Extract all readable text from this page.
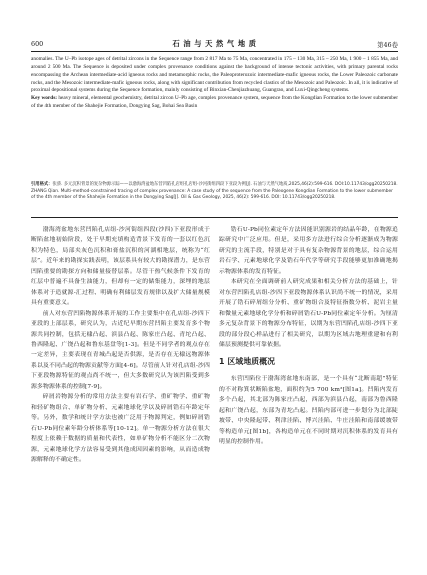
600	石 油 与 天 然 气 地 质	第46卷
anomalies. The U–Pb isotope ages of detrital zircons in the Sequence range from 2 817 Ma to 75 Ma, concentrated in 175 – 130 Ma, 315 – 250 Ma, 1 900 – 1 855 Ma, and around 2 500 Ma. The Sequence is deposited under complex provenance conditions against the background of intense tectonic activities, with primary parental rocks encompassing the Archean intermediate-acid igneous rocks and metamorphic rocks, the Paleoproterozoic intermediate-mafic igneous rocks, the Lower Paleozoic carbonate rocks, and the Mesozoic intermediate-mafic igneous rocks, along with significant contribution from recycled clastics of the Mesozoic and Paleozoic. In all, it is indicative of proximal depositional systems during the Sequence formation, mainly consisting of Binxian-Chenjiazhuang, Guangrao, and Luxi-Qingcheng systems.
Key words: heavy mineral, elemental geochemistry, detrital zircon U–Pb age, complex provenance system, sequence from the Kongdian Formation to the lower submember of the 4th member of the Shahejie Formation, Dongying Sag, Bohai Sea Basin
引用格式：张骄. 多元沉积背景的复杂物源示踪——以渤海湾盆地东营凹陷孔店组孔店组-沙河街组四段下亚段为例[J]. 石油与天然气地质,2025,46(2):599-616. DOI:10.11743/ogg20250218.
ZHANG Qian. Multi-method-constrained tracing of complex provenance: A case study of the sequence from the Paleogene Kongdian Formation to the lower submember of the 4th member of the Shahejie Formation in the Dongying Sag[J]. Oil & Gas Geology, 2025, 46(2): 599-616. DOI: 10.11743/ogg20250218.

渤海湾盆地东营凹陷孔店组-沙河街组四段(沙四)下亚段形成于断陷盆地初始阶段，处于早期充填构造背景下发育的一套以红色沉积为特色，局部夹灰色沉积和膏盐沉积的河湖相地层，统称为“红层”。近年来的勘探实践表明，该层系具有较大的勘探潜力，是东营凹陷重要的勘探方向和储量接替层系。尽管干热气候条件下发育的红层中普遍不具备生油能力，但却有一定的储集能力，深埋的地层体系对于造就源-汇过程、明确有利储层发育规律以及扩大储量规模具有重要意义。

前人对东营凹陷物源体系开展的工作主要集中在孔店组-沙四下亚段的上部层系，研究认为，古近纪早期东营凹陷主要发育多个物源共同控制，包括无棣凸起、滨县凸起、陈家庄凸起、青坨凸起、鲁西隆起、广饶凸起和鲁东基盘等[1-3]。但是不同学者的观点存在一定差异，主要表现在青城凸起是否供源，是否存在无棣远物源体系以及不同凸起的物源贡献等方面[4-6]。尽管前人针对孔店组-沙四下亚段物源特征的观点尚不统一，但大多数研究认为该凹陷受到多源多物源体系的控制[7-9]。

碎屑岩物源分析的常用方法主要有岩石学、重矿物学、重矿物和轻矿物组合、单矿物分析、元素地球化学以及碎屑锆石年龄定年等。另外，数学和统计学方法也被广泛用于物源判定，例如碎屑锆石U-Pb同位素年龄分析体系等[10-12]。单一物源分析方法在很大程度上依赖于数据的质量和代表性，如单矿物分析不能区分二次物源，元素地球化学方法容易受到其他成因因素的影响，从而造成物源解释的不确定性。

锆石U-Pb同位素定年方法因能识别源岩的结晶年龄，在物源追踪研究中广泛应用。但是，采用多方法进行综合分析逐渐成为物源研究的主流手段，特别是对于具有复杂物源背景的地层，综合运用岩石学、元素地球化学及锆石年代学等研究手段能够更加准确地揭示物源体系的发育特征。

本研究在全面调研前人研究成果和相关分析方法的基础上，针对东营凹陷孔店组-沙四下亚段物源体系认识尚不统一的情况，采用开展了锆石碎屑组分分析、重矿物组合及特征指数分析、泥岩主量和微量元素地球化学分析和碎屑锆石U-Pb同位素定年分析。为厘清多元复杂背景下的物源分布特征，以期为东营凹陷孔店组-沙四下亚段的部分段心样品进行了相关研究，以期为区域古地理重建和有利储层预测提供可靠依据。

1 区域地质概况

东营凹陷位于渤海湾盆地东南部，是一个具有“北断南超”特征的不对称箕状断陷盆地，面积约为5 700 km²[图1a]。凹陷内发育多个凸起，其北部为陈家庄凸起，西部为滨县凸起，南部为鲁西隆起和广饶凸起，东部为青坨凸起。凹陷内部可进一步划分为北部陡坡带、中央隆起带、利津洼陷、博兴洼陷、牛庄洼陷和南部缓坡带等构造单元[图1b]，各构造单元在不同时期对沉积体系的发育具有明显的控制作用。
